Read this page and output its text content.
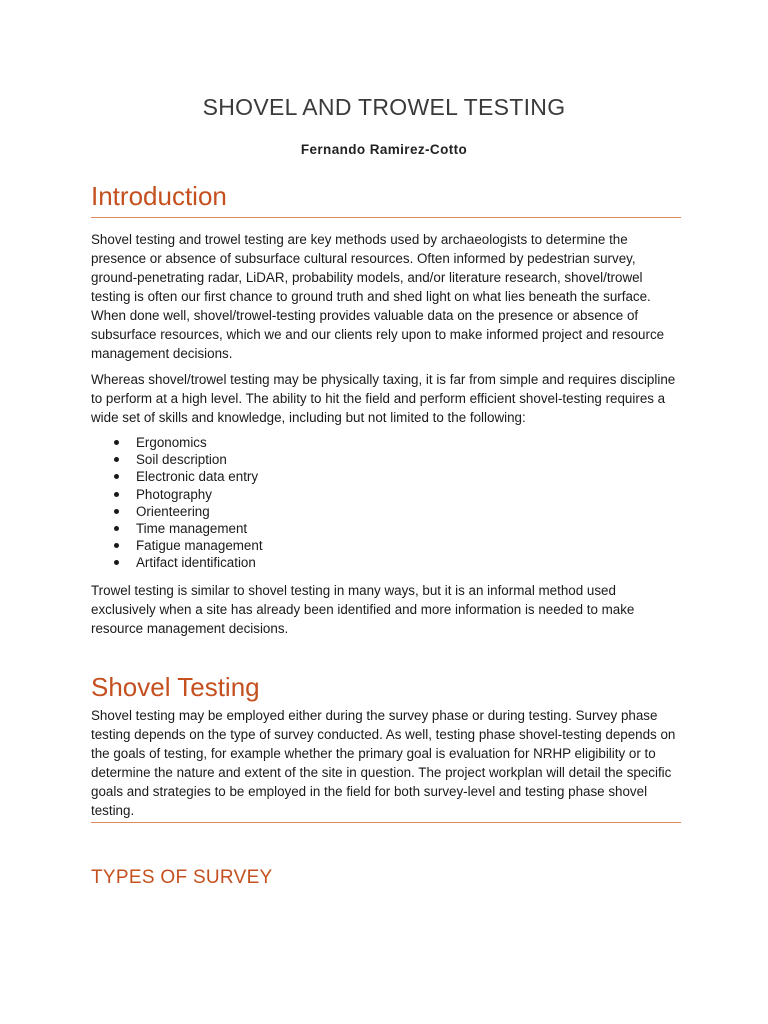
SHOVEL AND TROWEL TESTING
Fernando Ramirez-Cotto
Introduction

Shovel testing and trowel testing are key methods used by archaeologists to determine the presence or absence of subsurface cultural resources. Often informed by pedestrian survey, ground-penetrating radar, LiDAR, probability models, and/or literature research, shovel/trowel testing is often our first chance to ground truth and shed light on what lies beneath the surface. When done well, shovel/trowel-testing provides valuable data on the presence or absence of subsurface resources, which we and our clients rely upon to make informed project and resource management decisions.

Whereas shovel/trowel testing may be physically taxing, it is far from simple and requires discipline to perform at a high level. The ability to hit the field and perform efficient shovel-testing requires a wide set of skills and knowledge, including but not limited to the following:

Ergonomics
Soil description
Electronic data entry
Photography
Orienteering
Time management
Fatigue management
Artifact identification

Trowel testing is similar to shovel testing in many ways, but it is an informal method used exclusively when a site has already been identified and more information is needed to make resource management decisions.

Shovel Testing

Shovel testing may be employed either during the survey phase or during testing. Survey phase testing depends on the type of survey conducted. As well, testing phase shovel-testing depends on the goals of testing, for example whether the primary goal is evaluation for NRHP eligibility or to determine the nature and extent of the site in question. The project workplan will detail the specific goals and strategies to be employed in the field for both survey-level and testing phase shovel testing.

TYPES OF SURVEY
